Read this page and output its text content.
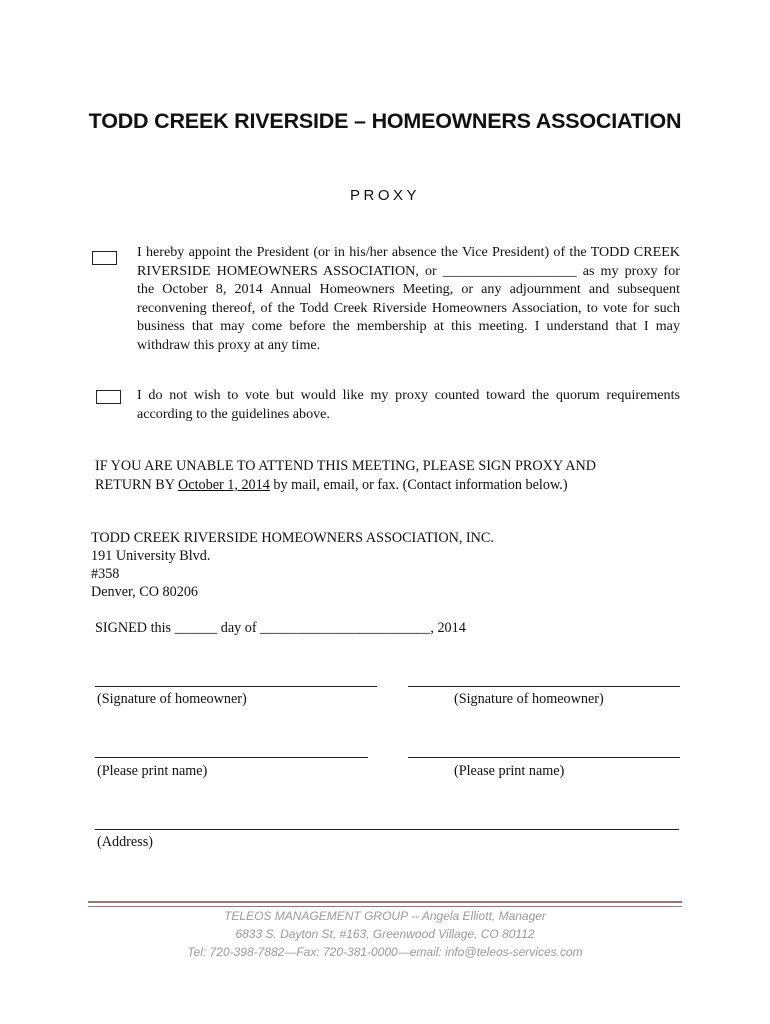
TODD CREEK RIVERSIDE – HOMEOWNERS ASSOCIATION
PROXY
I hereby appoint the President (or in his/her absence the Vice President) of the TODD CREEK RIVERSIDE HOMEOWNERS ASSOCIATION, or ___________________ as my proxy for the October 8, 2014 Annual Homeowners Meeting, or any adjournment and subsequent reconvening thereof, of the Todd Creek Riverside Homeowners Association, to vote for such business that may come before the membership at this meeting. I understand that I may withdraw this proxy at any time.
I do not wish to vote but would like my proxy counted toward the quorum requirements according to the guidelines above.
IF YOU ARE UNABLE TO ATTEND THIS MEETING, PLEASE SIGN PROXY AND
RETURN BY October 1, 2014 by mail, email, or fax. (Contact information below.)
TODD CREEK RIVERSIDE HOMEOWNERS ASSOCIATION, INC.
191 University Blvd.
#358
Denver, CO 80206
SIGNED this ______ day of ________________________, 2014
(Signature of homeowner)	(Signature of homeowner)
(Please print name)	(Please print name)
(Address)
TELEOS MANAGEMENT GROUP -- Angela Elliott, Manager
6833 S. Dayton St, #163, Greenwood Village, CO 80112
Tel: 720-398-7882—Fax: 720-381-0000—email: info@teleos-services.com
